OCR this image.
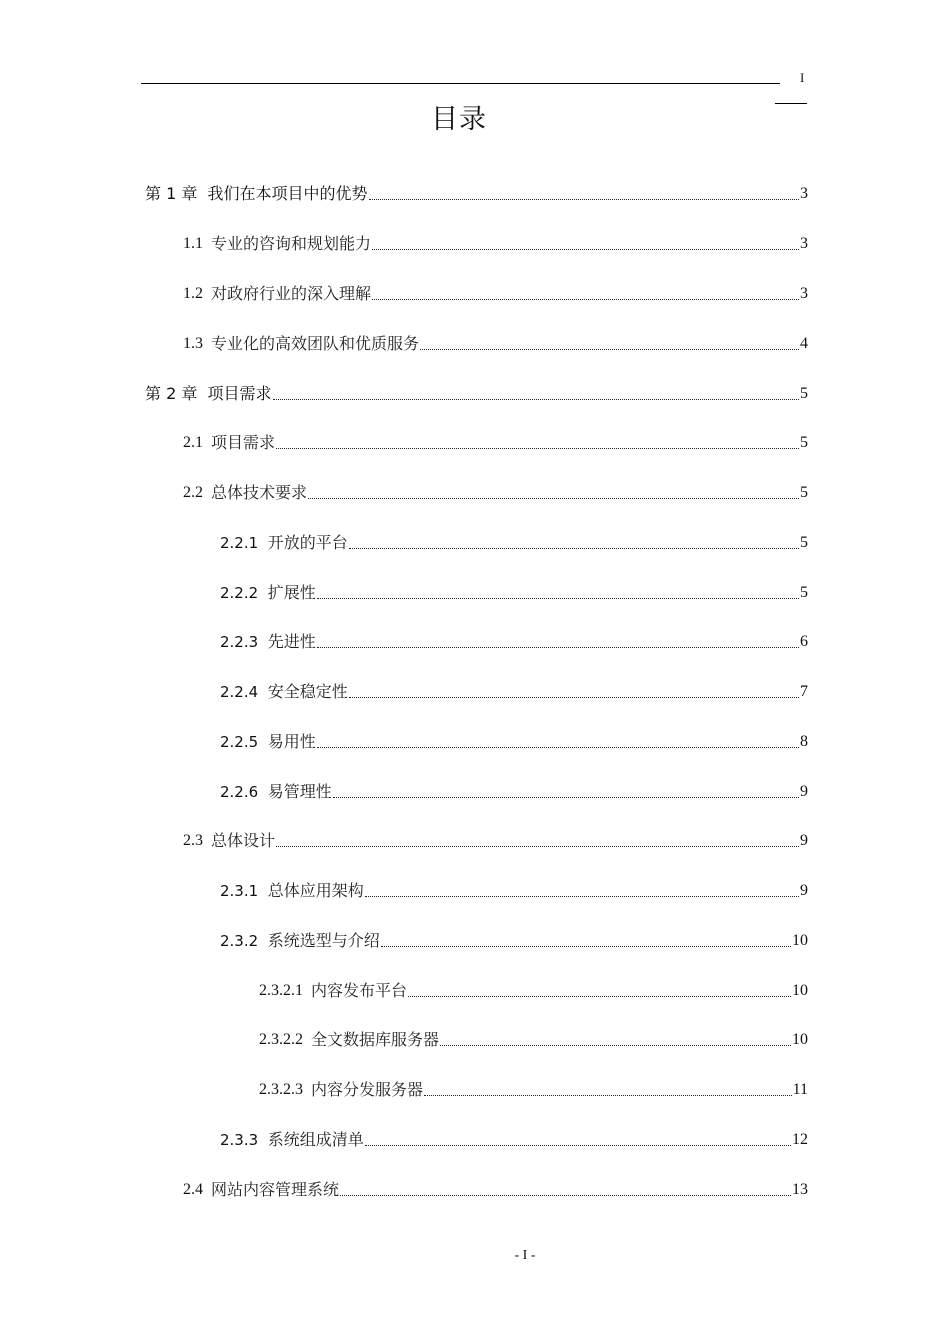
I
目录
第 1 章 我们在本项目中的优势	3
1.1 专业的咨询和规划能力	3
1.2 对政府行业的深入理解	3
1.3 专业化的高效团队和优质服务	4
第 2 章 项目需求	5
2.1 项目需求	5
2.2 总体技术要求	5
2.2.1 开放的平台	5
2.2.2 扩展性	5
2.2.3 先进性	6
2.2.4 安全稳定性	7
2.2.5 易用性	8
2.2.6 易管理性	9
2.3 总体设计	9
2.3.1 总体应用架构	9
2.3.2 系统选型与介绍	10
2.3.2.1 内容发布平台	10
2.3.2.2 全文数据库服务器	10
2.3.2.3 内容分发服务器	11
2.3.3 系统组成清单	12
2.4 网站内容管理系统	13
- I -
